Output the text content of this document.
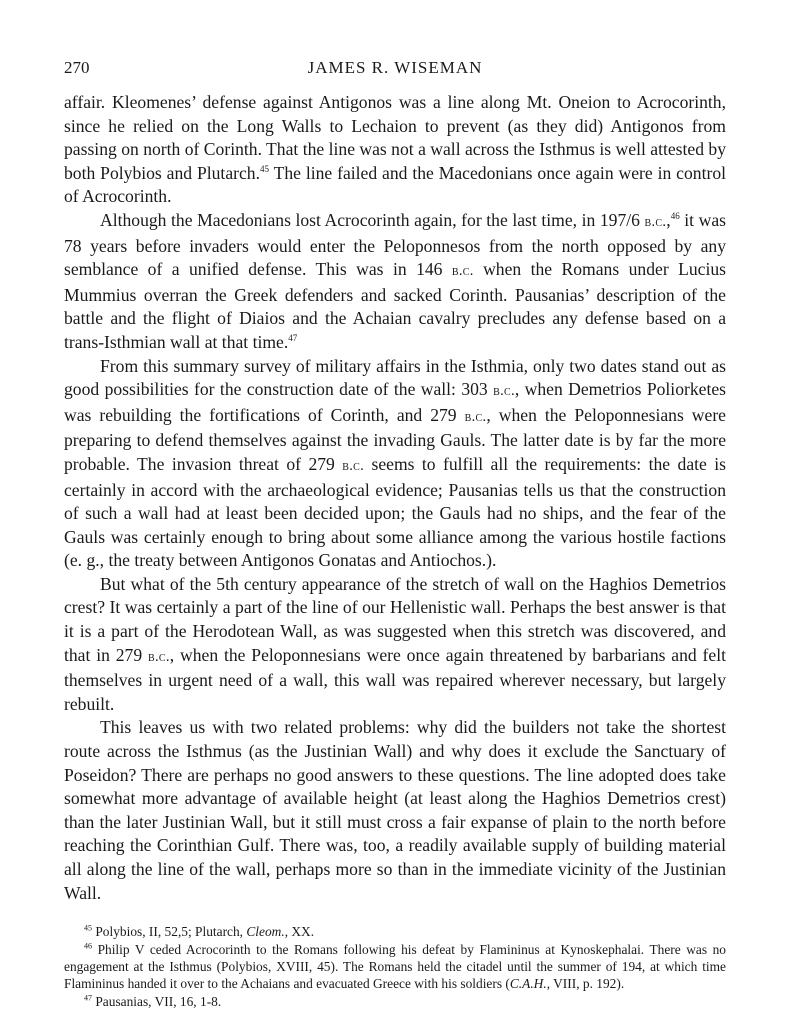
270	JAMES R. WISEMAN

affair. Kleomenes’ defense against Antigonos was a line along Mt. Oneion to Acrocorinth, since he relied on the Long Walls to Lechaion to prevent (as they did) Antigonos from passing on north of Corinth. That the line was not a wall across the Isthmus is well attested by both Polybios and Plutarch.$^{45}$ The line failed and the Macedonians once again were in control of Acrocorinth.

Although the Macedonians lost Acrocorinth again, for the last time, in 197/6 b.c.,$^{46}$ it was 78 years before invaders would enter the Peloponnesos from the north opposed by any semblance of a unified defense. This was in 146 b.c. when the Romans under Lucius Mummius overran the Greek defenders and sacked Corinth. Pausanias’ description of the battle and the flight of Diaios and the Achaian cavalry precludes any defense based on a trans-Isthmian wall at that time.$^{47}$

From this summary survey of military affairs in the Isthmia, only two dates stand out as good possibilities for the construction date of the wall: 303 b.c., when Demetrios Poliorketes was rebuilding the fortifications of Corinth, and 279 b.c., when the Peloponnesians were preparing to defend themselves against the invading Gauls. The latter date is by far the more probable. The invasion threat of 279 b.c. seems to fulfill all the requirements: the date is certainly in accord with the archaeological evidence; Pausanias tells us that the construction of such a wall had at least been decided upon; the Gauls had no ships, and the fear of the Gauls was certainly enough to bring about some alliance among the various hostile factions (e. g., the treaty between Antigonos Gonatas and Antiochos.).

But what of the 5th century appearance of the stretch of wall on the Haghios Demetrios crest? It was certainly a part of the line of our Hellenistic wall. Perhaps the best answer is that it is a part of the Herodotean Wall, as was suggested when this stretch was discovered, and that in 279 b.c., when the Peloponnesians were once again threatened by barbarians and felt themselves in urgent need of a wall, this wall was repaired wherever necessary, but largely rebuilt.

This leaves us with two related problems: why did the builders not take the shortest route across the Isthmus (as the Justinian Wall) and why does it exclude the Sanctuary of Poseidon? There are perhaps no good answers to these questions. The line adopted does take somewhat more advantage of available height (at least along the Haghios Demetrios crest) than the later Justinian Wall, but it still must cross a fair expanse of plain to the north before reaching the Corinthian Gulf. There was, too, a readily available supply of building material all along the line of the wall, perhaps more so than in the immediate vicinity of the Justinian Wall.

$^{45}$ Polybios, II, 52,5; Plutarch, Cleom., XX.

$^{46}$ Philip V ceded Acrocorinth to the Romans following his defeat by Flamininus at Kynoskephalai. There was no engagement at the Isthmus (Polybios, XVIII, 45). The Romans held the citadel until the summer of 194, at which time Flamininus handed it over to the Achaians and evacuated Greece with his soldiers (C.A.H., VIII, p. 192).

$^{47}$ Pausanias, VII, 16, 1-8.
